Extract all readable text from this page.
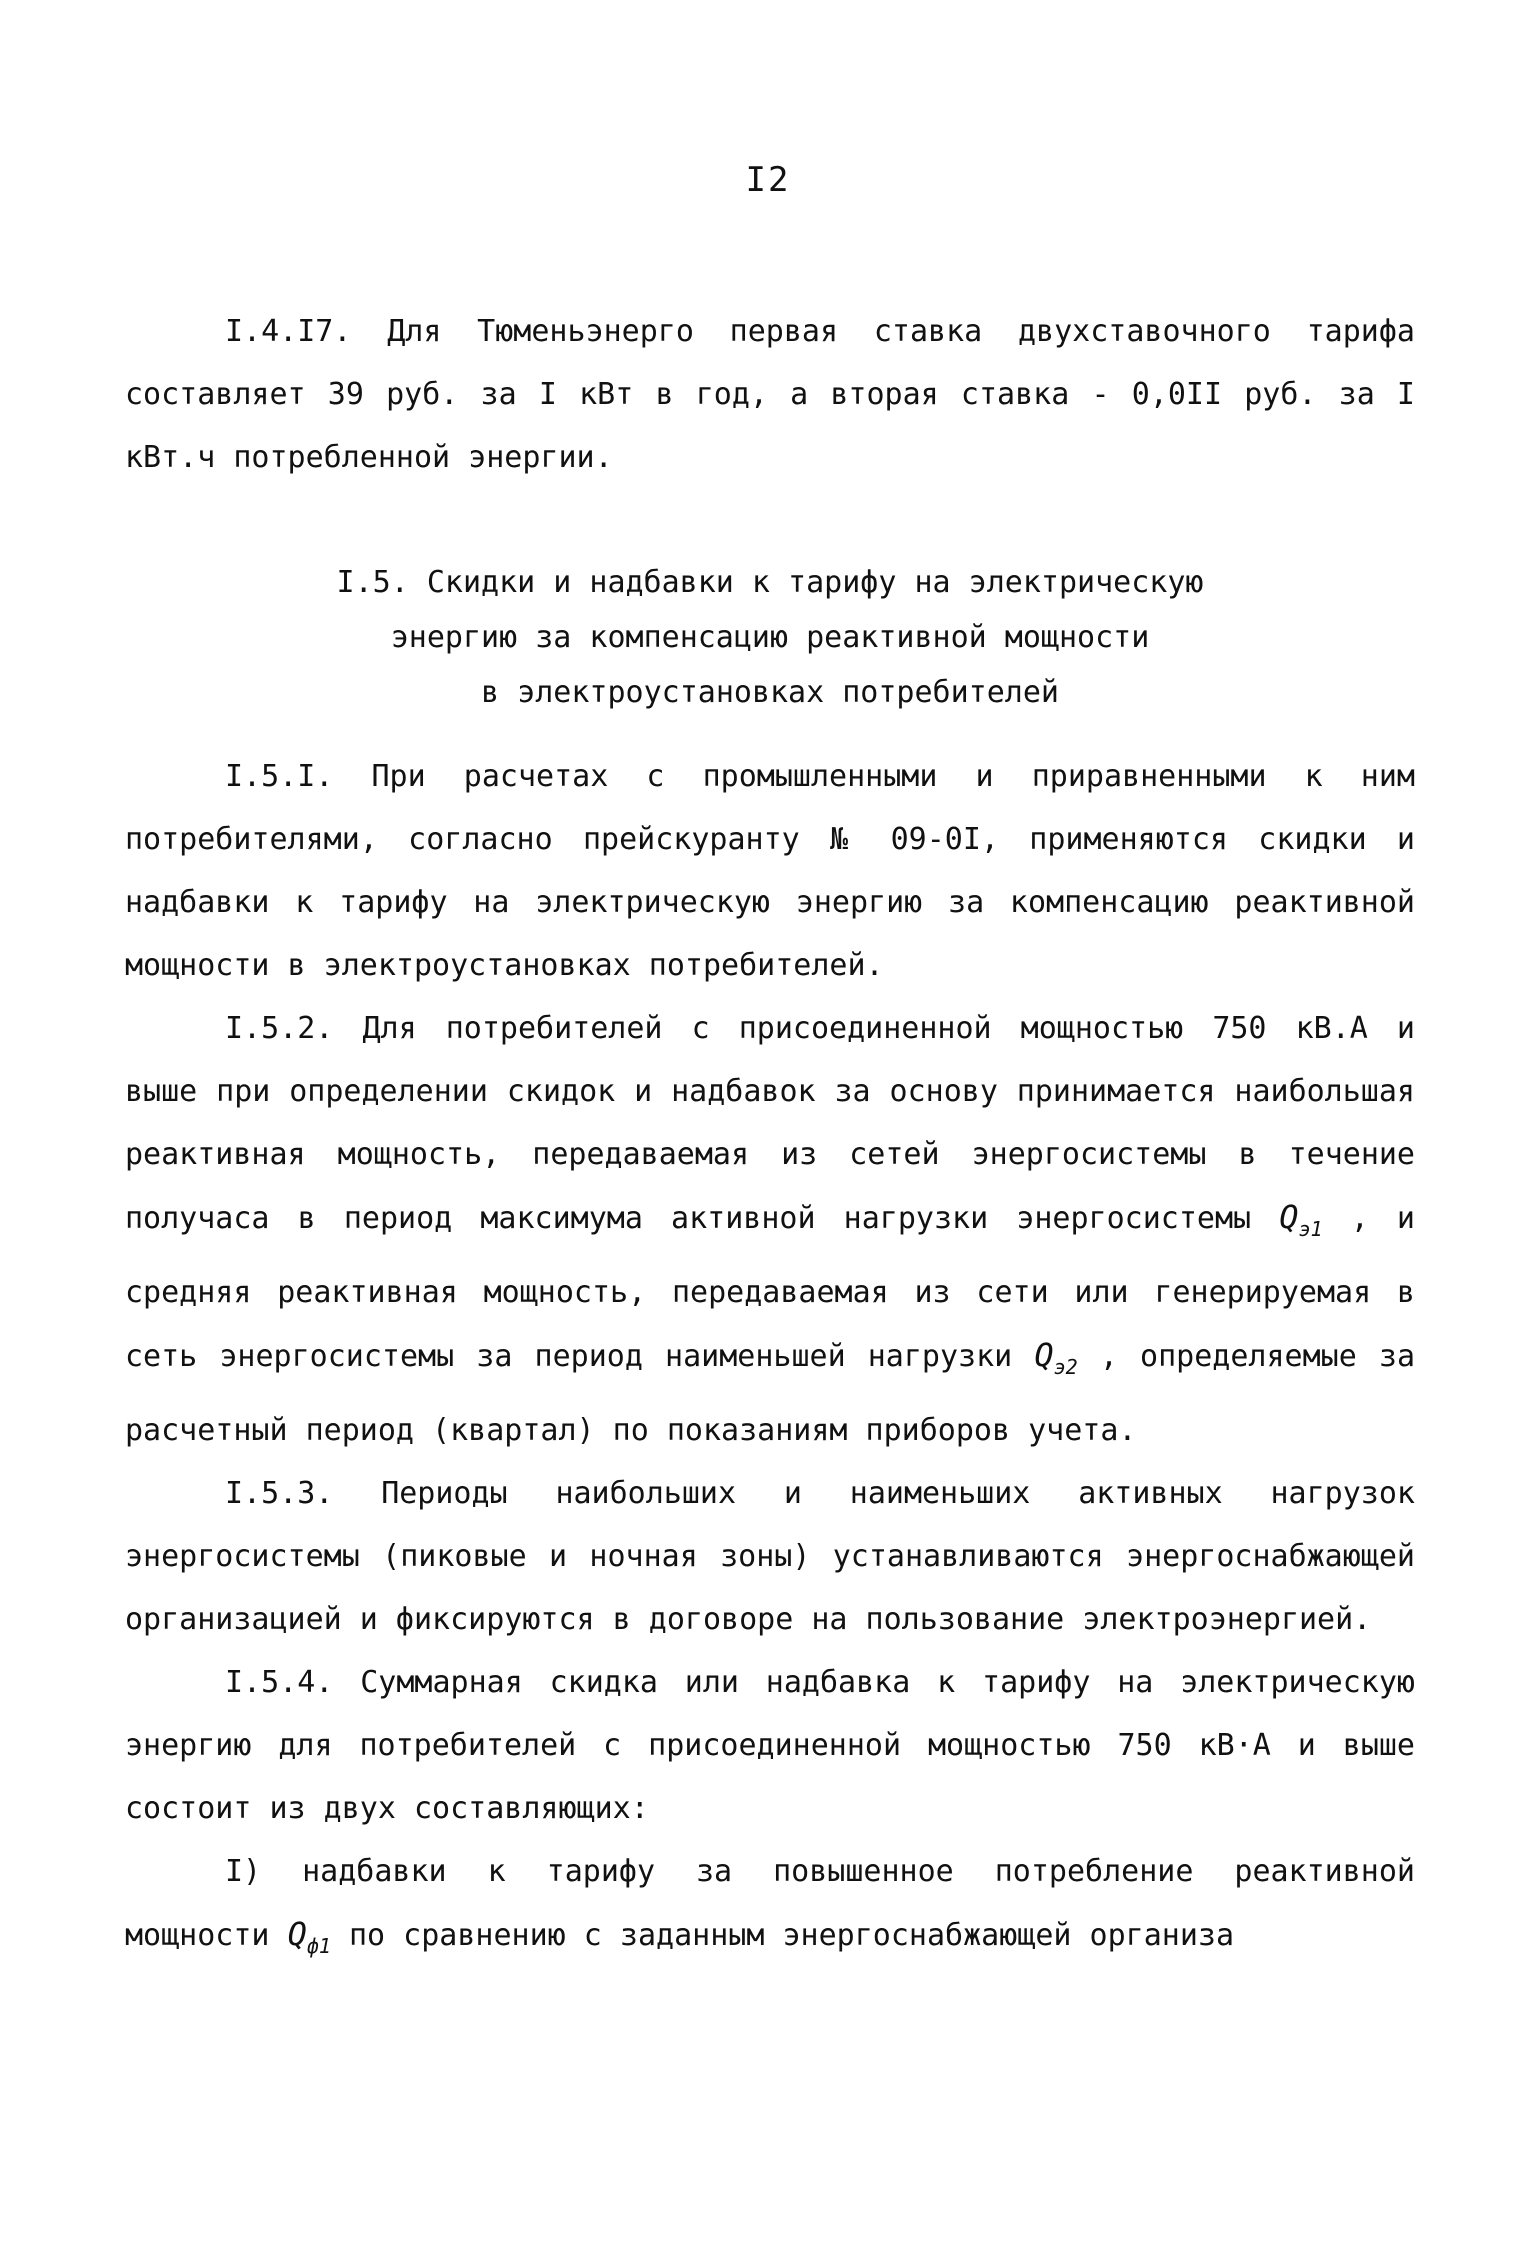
I2

I.4.I7. Для Тюменьэнерго первая ставка двухставочного тарифа составляет 39 руб. за I кВт в год, а вторая ставка - 0,0II руб. за I кВт.ч потребленной энергии.

I.5. Скидки и надбавки к тарифу на электрическую
энергию за компенсацию реактивной мощности
в электроустановках потребителей

I.5.I. При расчетах с промышленными и приравненными к ним потребителями, согласно прейскуранту № 09-0I, применяются скидки и надбавки к тарифу на электрическую энергию за компенсацию реактивной мощности в электроустановках потребителей.

I.5.2. Для потребителей с присоединенной мощностью 750 кВ.А и выше при определении скидок и надбавок за основу принимается наибольшая реактивная мощность, передаваемая из сетей энергосистемы в течение получаса в период максимума активной нагрузки энергосистемы $Q_{э1}$ , и средняя реактивная мощность, передаваемая из сети или генерируемая в сеть энергосистемы за период наименьшей нагрузки $Q_{э2}$ , определяемые за расчетный период (квартал) по показаниям приборов учета.

I.5.3. Периоды наибольших и наименьших активных нагрузок энергосистемы (пиковые и ночная зоны) устанавливаются энергоснабжающей организацией и фиксируются в договоре на пользование электроэнергией.

I.5.4. Суммарная скидка или надбавка к тарифу на электрическую энергию для потребителей с присоединенной мощностью 750 кВ·А и выше состоит из двух составляющих:

I) надбавки к тарифу за повышенное потребление реактивной мощности $Q_{ф1}$ по сравнению с заданным энергоснабжающей организа
